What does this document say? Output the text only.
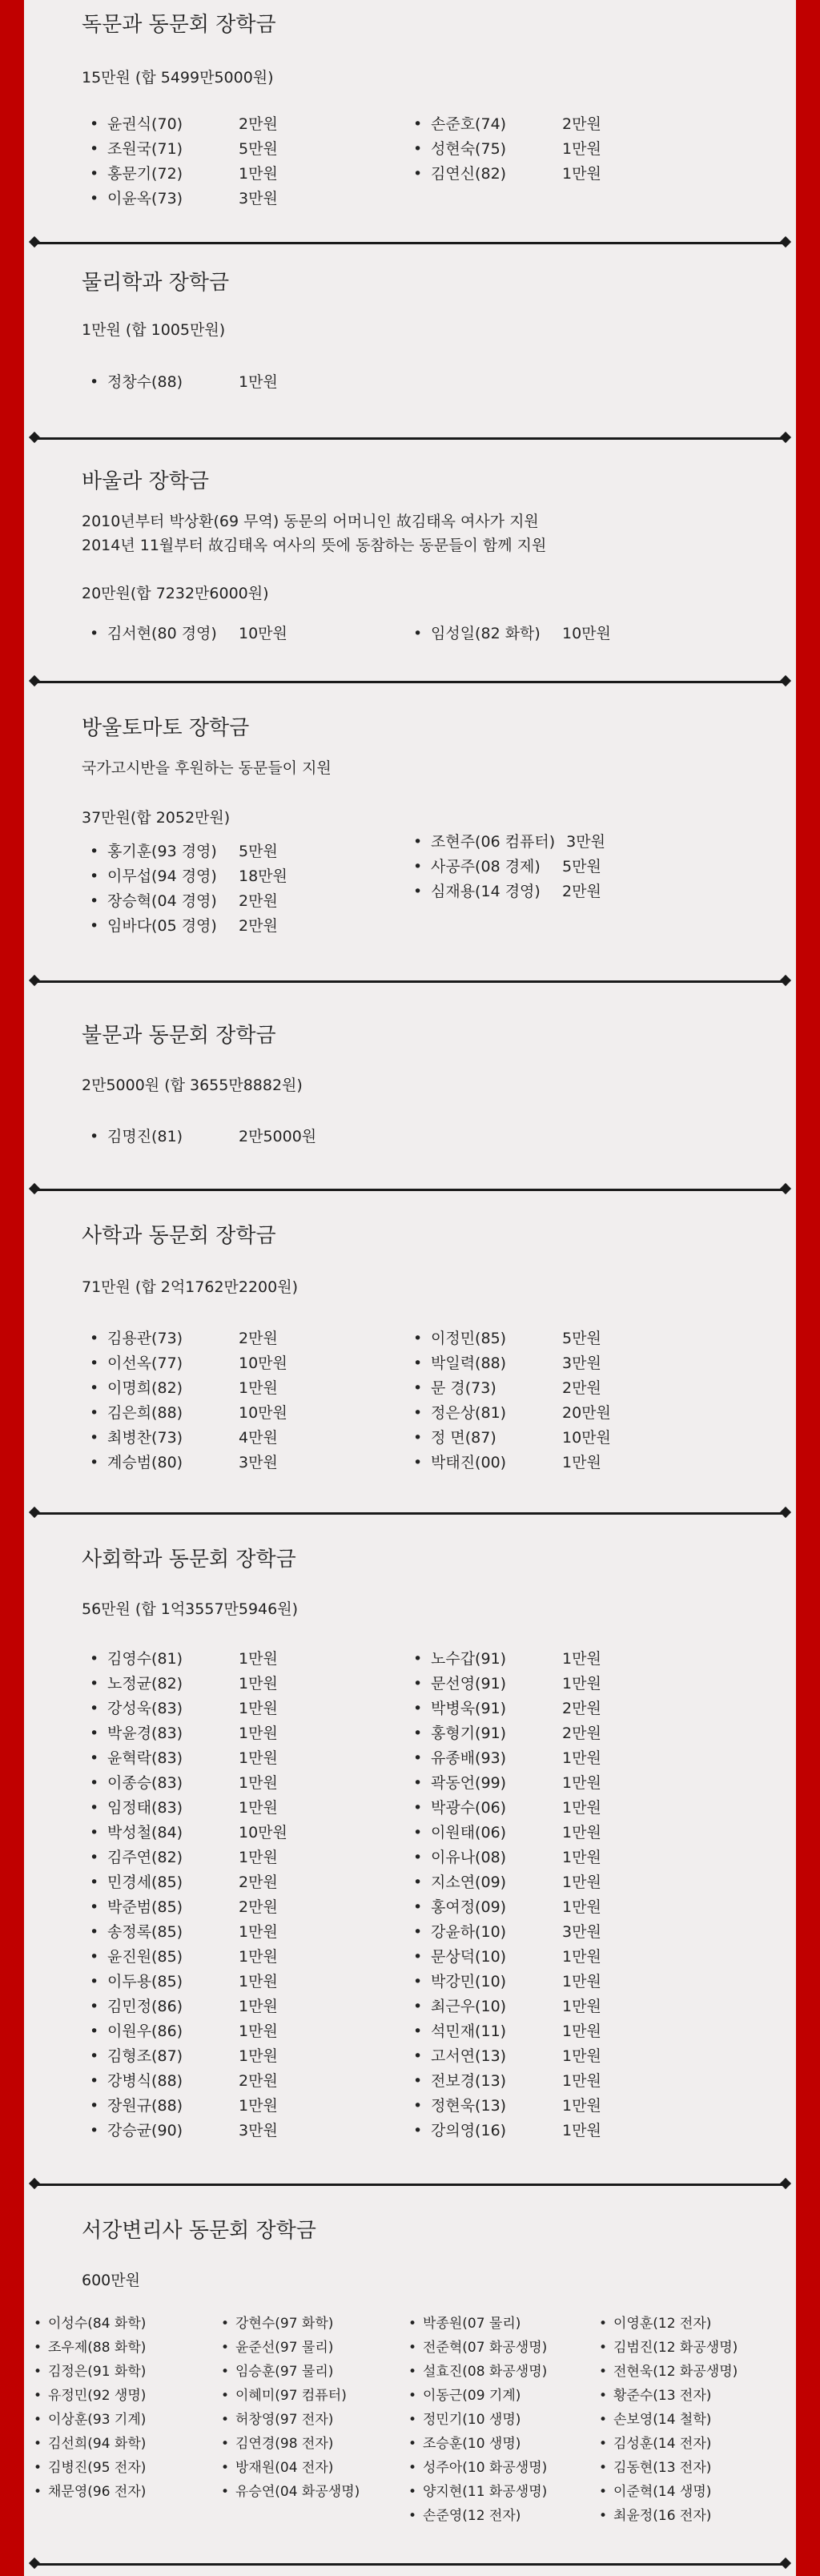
독문과 동문회 장학금
15만원 (합 5499만5000원)
• 윤권식(70)	2만원
• 조원국(71)	5만원
• 홍문기(72)	1만원
• 이윤옥(73)	3만원
• 손준호(74)	2만원
• 성현숙(75)	1만원
• 김연신(82)	1만원
물리학과 장학금
1만원 (합 1005만원)
• 정창수(88)	1만원
바울라 장학금
2010년부터 박상환(69 무역) 동문의 어머니인 故김태옥 여사가 지원
2014년 11월부터 故김태옥 여사의 뜻에 동참하는 동문들이 함께 지원
20만원(합 7232만6000원)
• 김서현(80 경영) 10만원	• 임성일(82 화학) 10만원
방울토마토 장학금
국가고시반을 후원하는 동문들이 지원
37만원(합 2052만원)
• 홍기훈(93 경영) 5만원
• 이무섭(94 경영) 18만원
• 장승혁(04 경영) 2만원
• 임바다(05 경영) 2만원
• 조현주(06 컴퓨터) 3만원
• 사공주(08 경제) 5만원
• 심재용(14 경영) 2만원
불문과 동문회 장학금
2만5000원 (합 3655만8882원)
• 김명진(81)	2만5000원
사학과 동문회 장학금
71만원 (합 2억1762만2200원)
• 김용관(73)	2만원
• 이선옥(77)	10만원
• 이명희(82)	1만원
• 김은희(88)	10만원
• 최병찬(73)	4만원
• 계승범(80)	3만원
• 이정민(85)	5만원
• 박일력(88)	3만원
• 문 경(73)	2만원
• 정은상(81)	20만원
• 정 면(87)	10만원
• 박태진(00)	1만원
사회학과 동문회 장학금
56만원 (합 1억3557만5946원)
• 김영수(81)	1만원
• 노정균(82)	1만원
• 강성욱(83)	1만원
• 박윤경(83)	1만원
• 윤혁락(83)	1만원
• 이종승(83)	1만원
• 임정태(83)	1만원
• 박성철(84)	10만원
• 김주연(82)	1만원
• 민경세(85)	2만원
• 박준범(85)	2만원
• 송정록(85)	1만원
• 윤진원(85)	1만원
• 이두용(85)	1만원
• 김민정(86)	1만원
• 이원우(86)	1만원
• 김형조(87)	1만원
• 강병식(88)	2만원
• 장원규(88)	1만원
• 강승균(90)	3만원
• 노수갑(91)	1만원
• 문선영(91)	1만원
• 박병욱(91)	2만원
• 홍형기(91)	2만원
• 유종배(93)	1만원
• 곽동언(99)	1만원
• 박광수(06)	1만원
• 이원태(06)	1만원
• 이유나(08)	1만원
• 지소연(09)	1만원
• 홍여정(09)	1만원
• 강윤하(10)	3만원
• 문상덕(10)	1만원
• 박강민(10)	1만원
• 최근우(10)	1만원
• 석민재(11)	1만원
• 고서연(13)	1만원
• 전보경(13)	1만원
• 정현욱(13)	1만원
• 강의영(16)	1만원
서강변리사 동문회 장학금
600만원
• 이성수(84 화학)
• 조우제(88 화학)
• 김정은(91 화학)
• 유정민(92 생명)
• 이상훈(93 기계)
• 김선희(94 화학)
• 김병진(95 전자)
• 채문영(96 전자)
• 강현수(97 화학)
• 윤준선(97 물리)
• 임승훈(97 물리)
• 이혜미(97 컴퓨터)
• 허창영(97 전자)
• 김연경(98 전자)
• 방재원(04 전자)
• 유승연(04 화공생명)
• 박종원(07 물리)
• 전준혁(07 화공생명)
• 설효진(08 화공생명)
• 이동근(09 기계)
• 정민기(10 생명)
• 조승훈(10 생명)
• 성주아(10 화공생명)
• 양지현(11 화공생명)
• 손준영(12 전자)
• 이영훈(12 전자)
• 김범진(12 화공생명)
• 전현욱(12 화공생명)
• 황준수(13 전자)
• 손보영(14 철학)
• 김성훈(14 전자)
• 김동현(13 전자)
• 이준혁(14 생명)
• 최윤정(16 전자)
